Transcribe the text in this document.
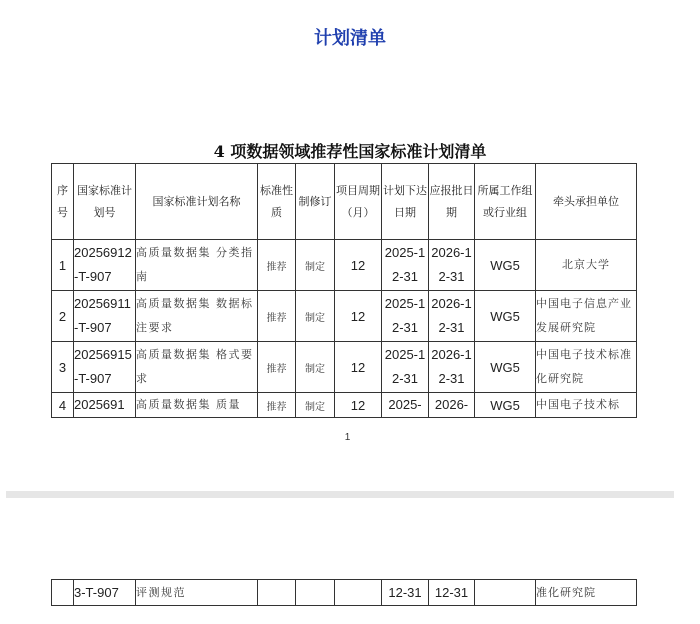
计划清单
4 项数据领域推荐性国家标准计划清单
序号	国家标准计划号	国家标准计划名称	标准性质	制修订	项目周期（月）	计划下达日期	应报批日期	所属工作组或行业组	牵头承担单位
1	20256912-T-907	高质量数据集 分类指南	推荐	制定	12	2025-12-31	2026-12-31	WG5	北京大学
2	20256911-T-907	高质量数据集 数据标注要求	推荐	制定	12	2025-12-31	2026-12-31	WG5	中国电子信息产业发展研究院
3	20256915-T-907	高质量数据集 格式要求	推荐	制定	12	2025-12-31	2026-12-31	WG5	中国电子技术标准化研究院
4	2025691	高质量数据集 质量	推荐	制定	12	2025-	2026-	WG5	中国电子技术标
1
	3-T-907	评测规范				12-31	12-31		准化研究院
